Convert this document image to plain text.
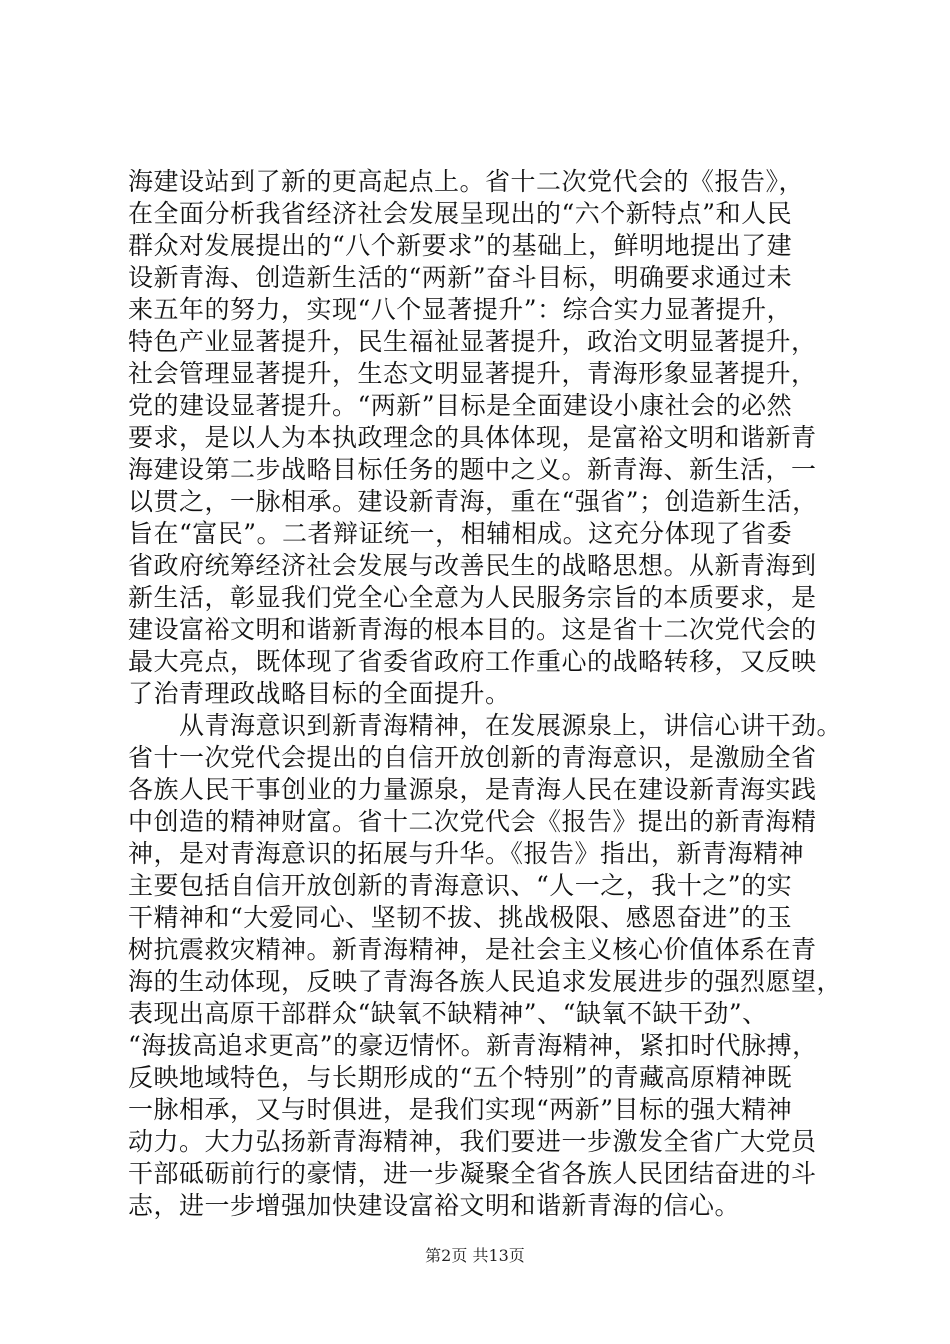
海建设站到了新的更高起点上。省十二次党代会的《报告》，
在全面分析我省经济社会发展呈现出的“六个新特点”和人民
群众对发展提出的“八个新要求”的基础上，鲜明地提出了建
设新青海、创造新生活的“两新”奋斗目标，明确要求通过未
来五年的努力，实现“八个显著提升”：综合实力显著提升，
特色产业显著提升，民生福祉显著提升，政治文明显著提升，
社会管理显著提升，生态文明显著提升，青海形象显著提升，
党的建设显著提升。“两新”目标是全面建设小康社会的必然
要求，是以人为本执政理念的具体体现，是富裕文明和谐新青
海建设第二步战略目标任务的题中之义。新青海、新生活，一
以贯之，一脉相承。建设新青海，重在“强省”；创造新生活，
旨在“富民”。二者辩证统一，相辅相成。这充分体现了省委
省政府统筹经济社会发展与改善民生的战略思想。从新青海到
新生活，彰显我们党全心全意为人民服务宗旨的本质要求，是
建设富裕文明和谐新青海的根本目的。这是省十二次党代会的
最大亮点，既体现了省委省政府工作重心的战略转移，又反映
了治青理政战略目标的全面提升。
　　从青海意识到新青海精神，在发展源泉上，讲信心讲干劲。
省十一次党代会提出的自信开放创新的青海意识，是激励全省
各族人民干事创业的力量源泉，是青海人民在建设新青海实践
中创造的精神财富。省十二次党代会《报告》提出的新青海精
神，是对青海意识的拓展与升华。《报告》指出，新青海精神
主要包括自信开放创新的青海意识、“人一之，我十之”的实
干精神和“大爱同心、坚韧不拔、挑战极限、感恩奋进”的玉
树抗震救灾精神。新青海精神，是社会主义核心价值体系在青
海的生动体现，反映了青海各族人民追求发展进步的强烈愿望，
表现出高原干部群众“缺氧不缺精神”、“缺氧不缺干劲”、
“海拔高追求更高”的豪迈情怀。新青海精神，紧扣时代脉搏，
反映地域特色，与长期形成的“五个特别”的青藏高原精神既
一脉相承，又与时俱进，是我们实现“两新”目标的强大精神
动力。大力弘扬新青海精神，我们要进一步激发全省广大党员
干部砥砺前行的豪情，进一步凝聚全省各族人民团结奋进的斗
志，进一步增强加快建设富裕文明和谐新青海的信心。
第2页 共13页
